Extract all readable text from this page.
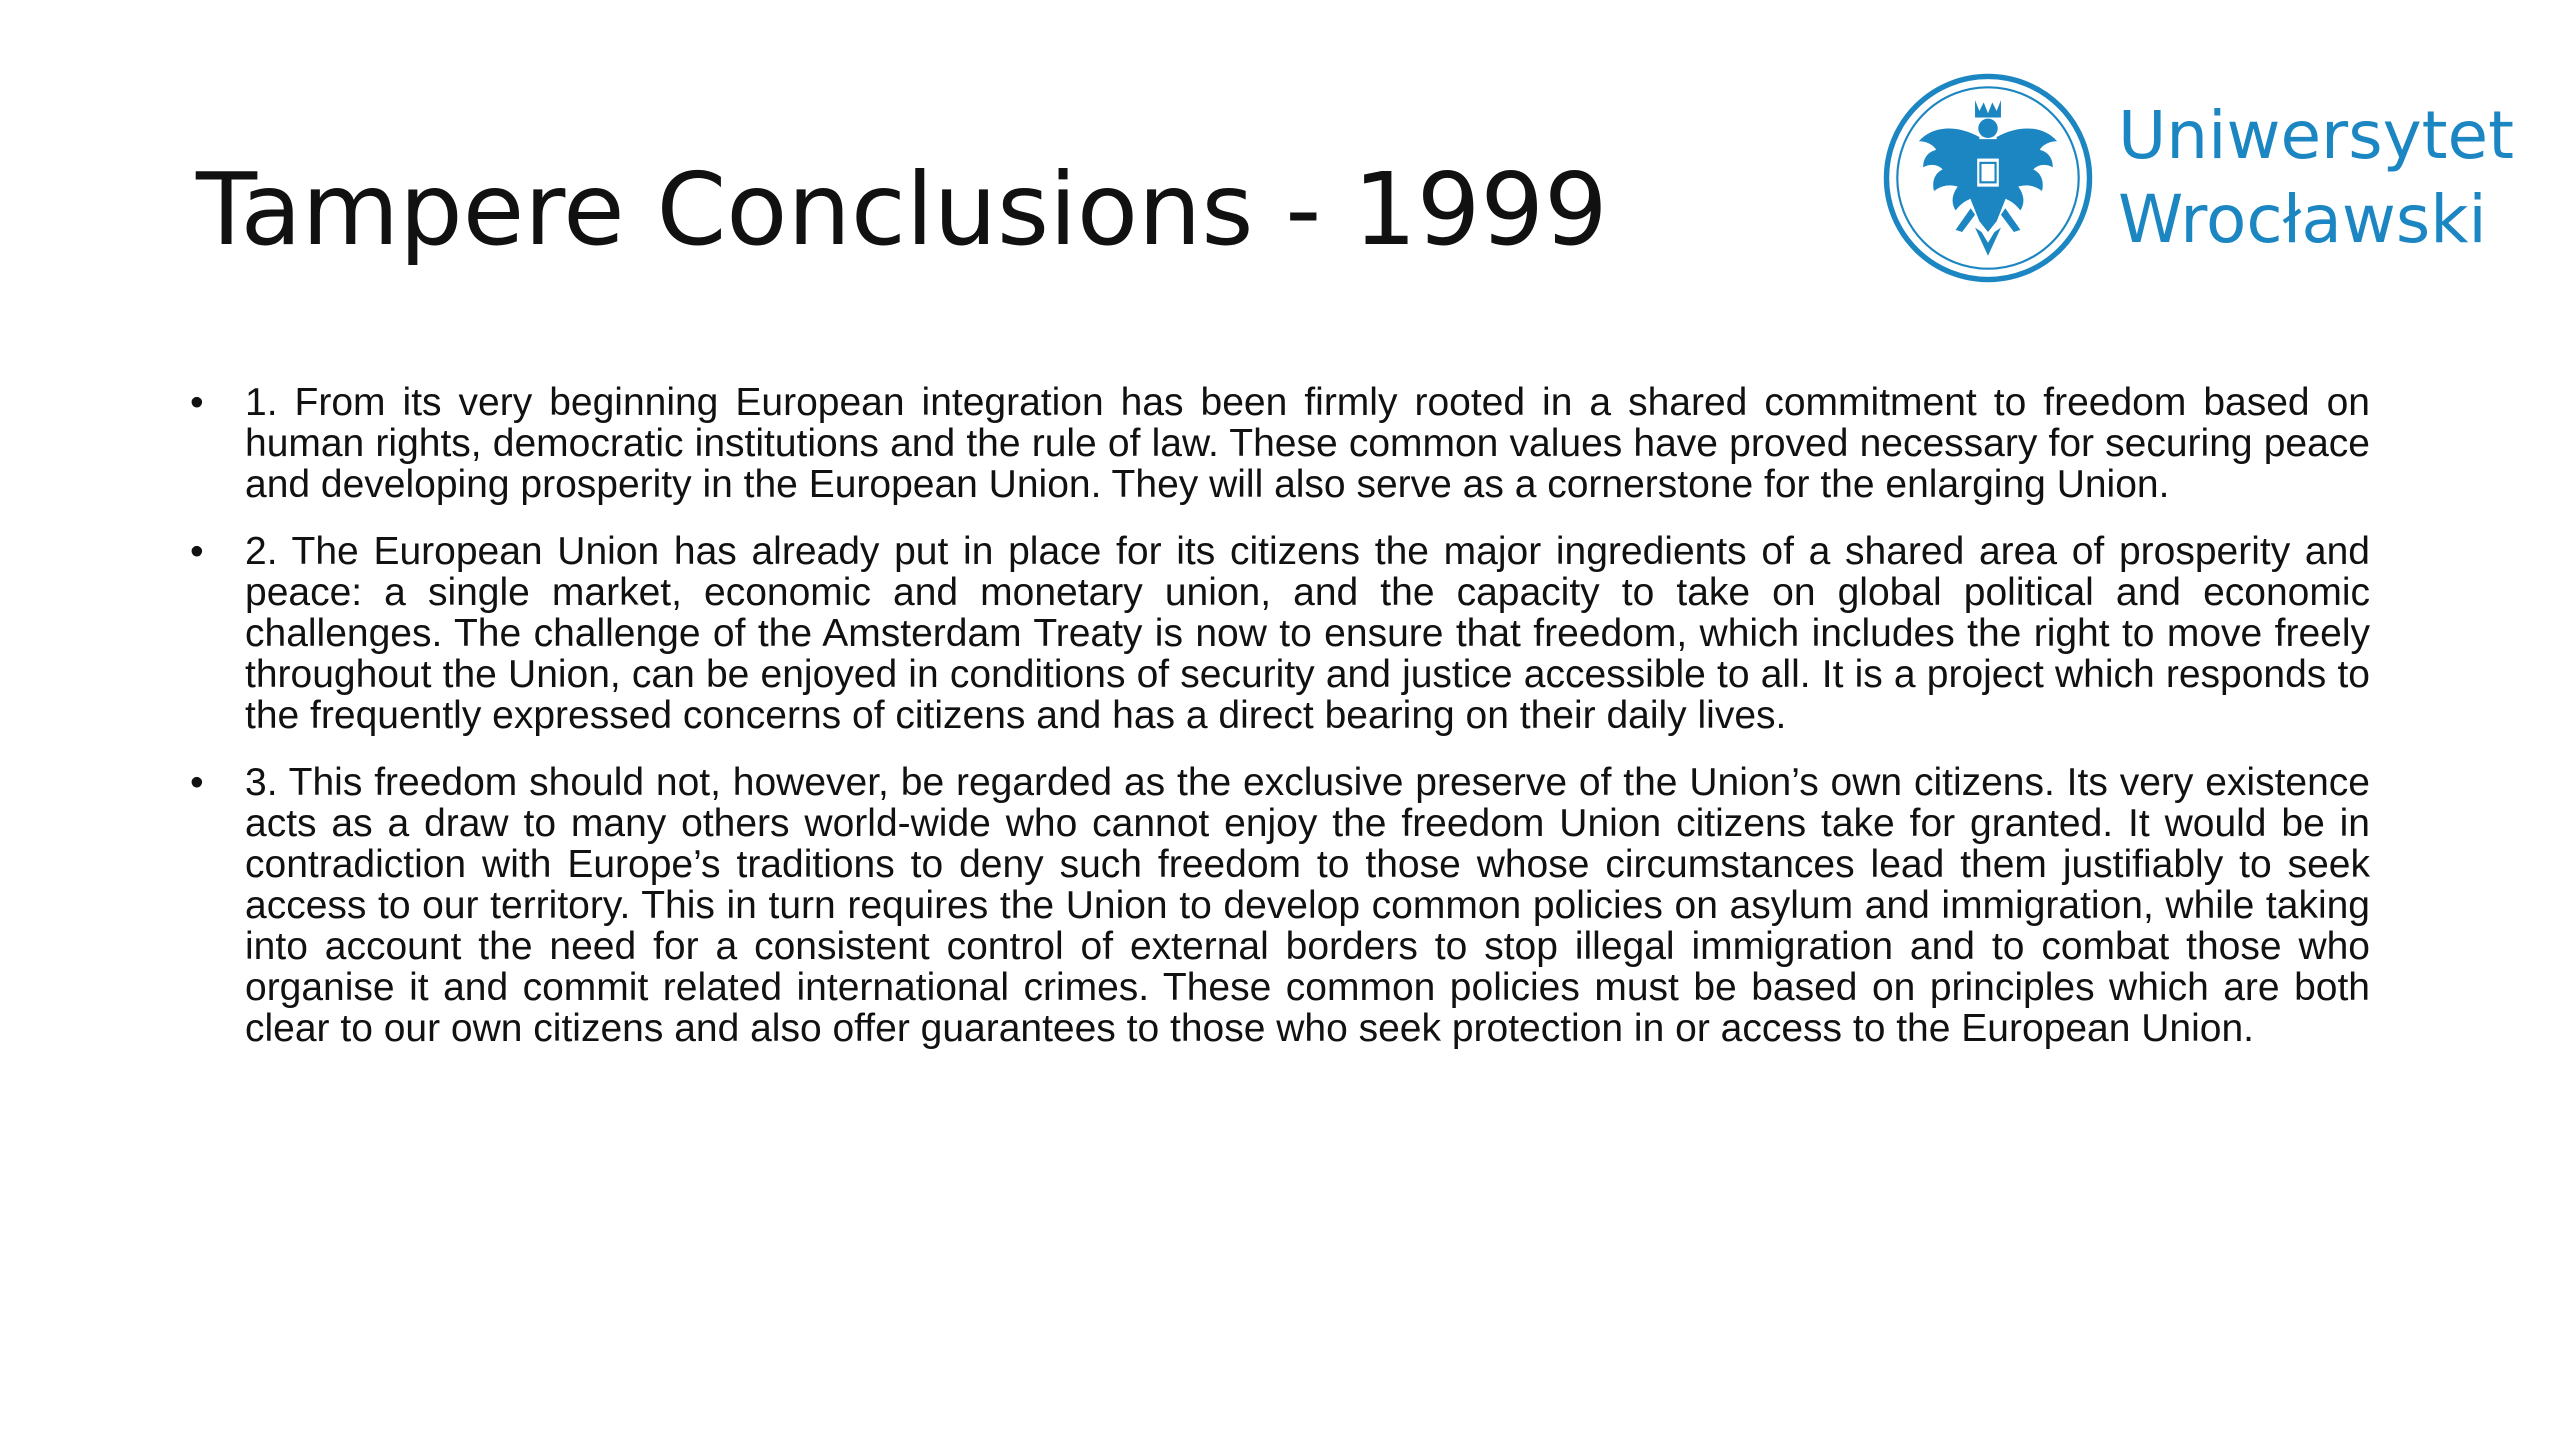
Tampere Conclusions - 1999
Uniwersytet
Wrocławski
• 1. From its very beginning European integration has been firmly rooted in a shared commitment to freedom based on human rights, democratic institutions and the rule of law. These common values have proved necessary for securing peace and developing prosperity in the European Union. They will also serve as a cornerstone for the enlarging Union.
• 2. The European Union has already put in place for its citizens the major ingredients of a shared area of prosperity and peace: a single market, economic and monetary union, and the capacity to take on global political and economic challenges. The challenge of the Amsterdam Treaty is now to ensure that freedom, which includes the right to move freely throughout the Union, can be enjoyed in conditions of security and justice accessible to all. It is a project which responds to the frequently expressed concerns of citizens and has a direct bearing on their daily lives.
• 3. This freedom should not, however, be regarded as the exclusive preserve of the Union’s own citizens. Its very existence acts as a draw to many others world-wide who cannot enjoy the freedom Union citizens take for granted. It would be in contradiction with Europe’s traditions to deny such freedom to those whose circumstances lead them justifiably to seek access to our territory. This in turn requires the Union to develop common policies on asylum and immigration, while taking into account the need for a consistent control of external borders to stop illegal immigration and to combat those who organise it and commit related international crimes. These common policies must be based on principles which are both clear to our own citizens and also offer guarantees to those who seek protection in or access to the European Union.
